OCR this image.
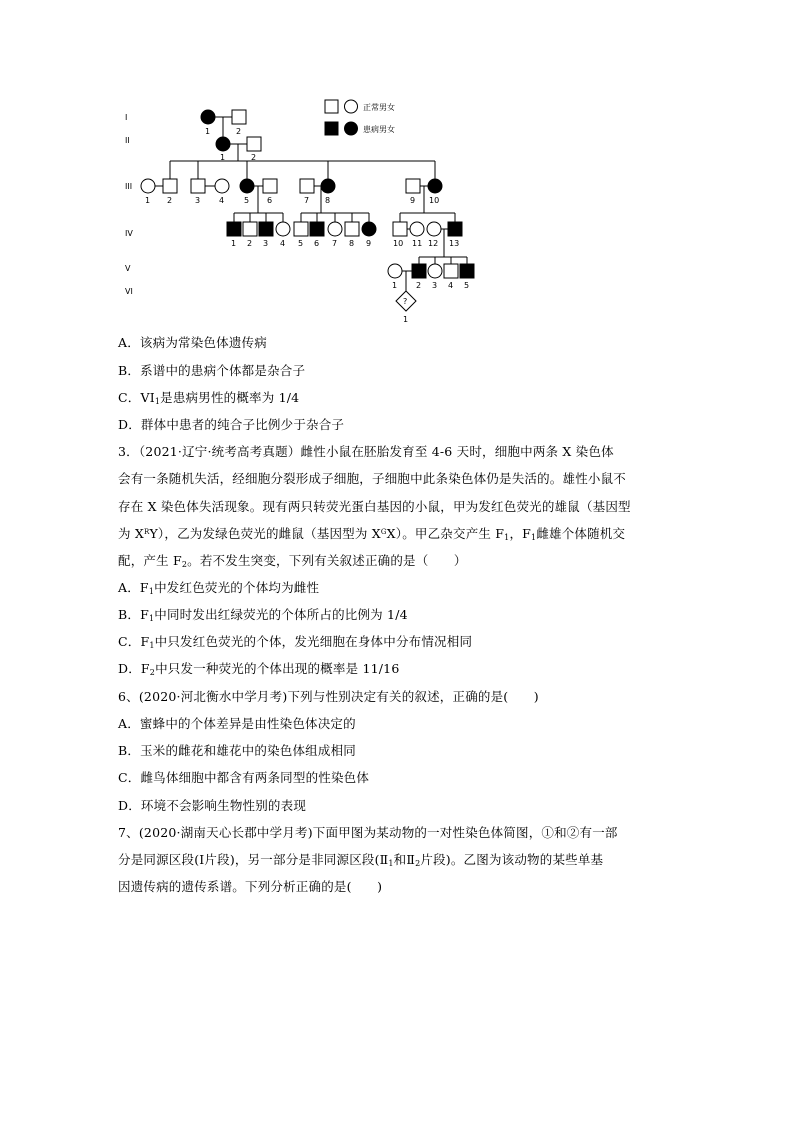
正常男女
患病男女
?
I
II
III
IV
V
VI
1	2
1	2
1 2	3 4 5 6	7 8	9 10
1 2 3 4 5 6 7 8 9	10 11 12 13
1 2 3 4 5
1
A．该病为常染色体遗传病
B．系谱中的患病个体都是杂合子
C．$VI_1$是患病男性的概率为 1/4
D．群体中患者的纯合子比例少于杂合子
3．（2021·辽宁·统考高考真题）雌性小鼠在胚胎发育至 4-6 天时，细胞中两条 X 染色体
会有一条随机失活，经细胞分裂形成子细胞，子细胞中此条染色体仍是失活的。雄性小鼠不
存在 X 染色体失活现象。现有两只转荧光蛋白基因的小鼠，甲为发红色荧光的雄鼠（基因型
为 $X^RY$），乙为发绿色荧光的雌鼠（基因型为 $X^GX$）。甲乙杂交产生 $F_1$，$F_1$雌雄个体随机交
配，产生 $F_2$。若不发生突变，下列有关叙述正确的是（　　）
A．$F_1$中发红色荧光的个体均为雌性
B．$F_1$中同时发出红绿荧光的个体所占的比例为 1/4
C．$F_1$中只发红色荧光的个体，发光细胞在身体中分布情况相同
D．$F_2$中只发一种荧光的个体出现的概率是 11/16
6、(2020·河北衡水中学月考)下列与性别决定有关的叙述，正确的是(　　)
A．蜜蜂中的个体差异是由性染色体决定的
B．玉米的雌花和雄花中的染色体组成相同
C．雌鸟体细胞中都含有两条同型的性染色体
D．环境不会影响生物性别的表现
7、(2020·湖南天心长郡中学月考)下面甲图为某动物的一对性染色体简图，①和②有一部
分是同源区段(Ⅰ片段)，另一部分是非同源区段($Ⅱ_1$和$Ⅱ_2$片段)。乙图为该动物的某些单基
因遗传病的遗传系谱。下列分析正确的是(　　)
